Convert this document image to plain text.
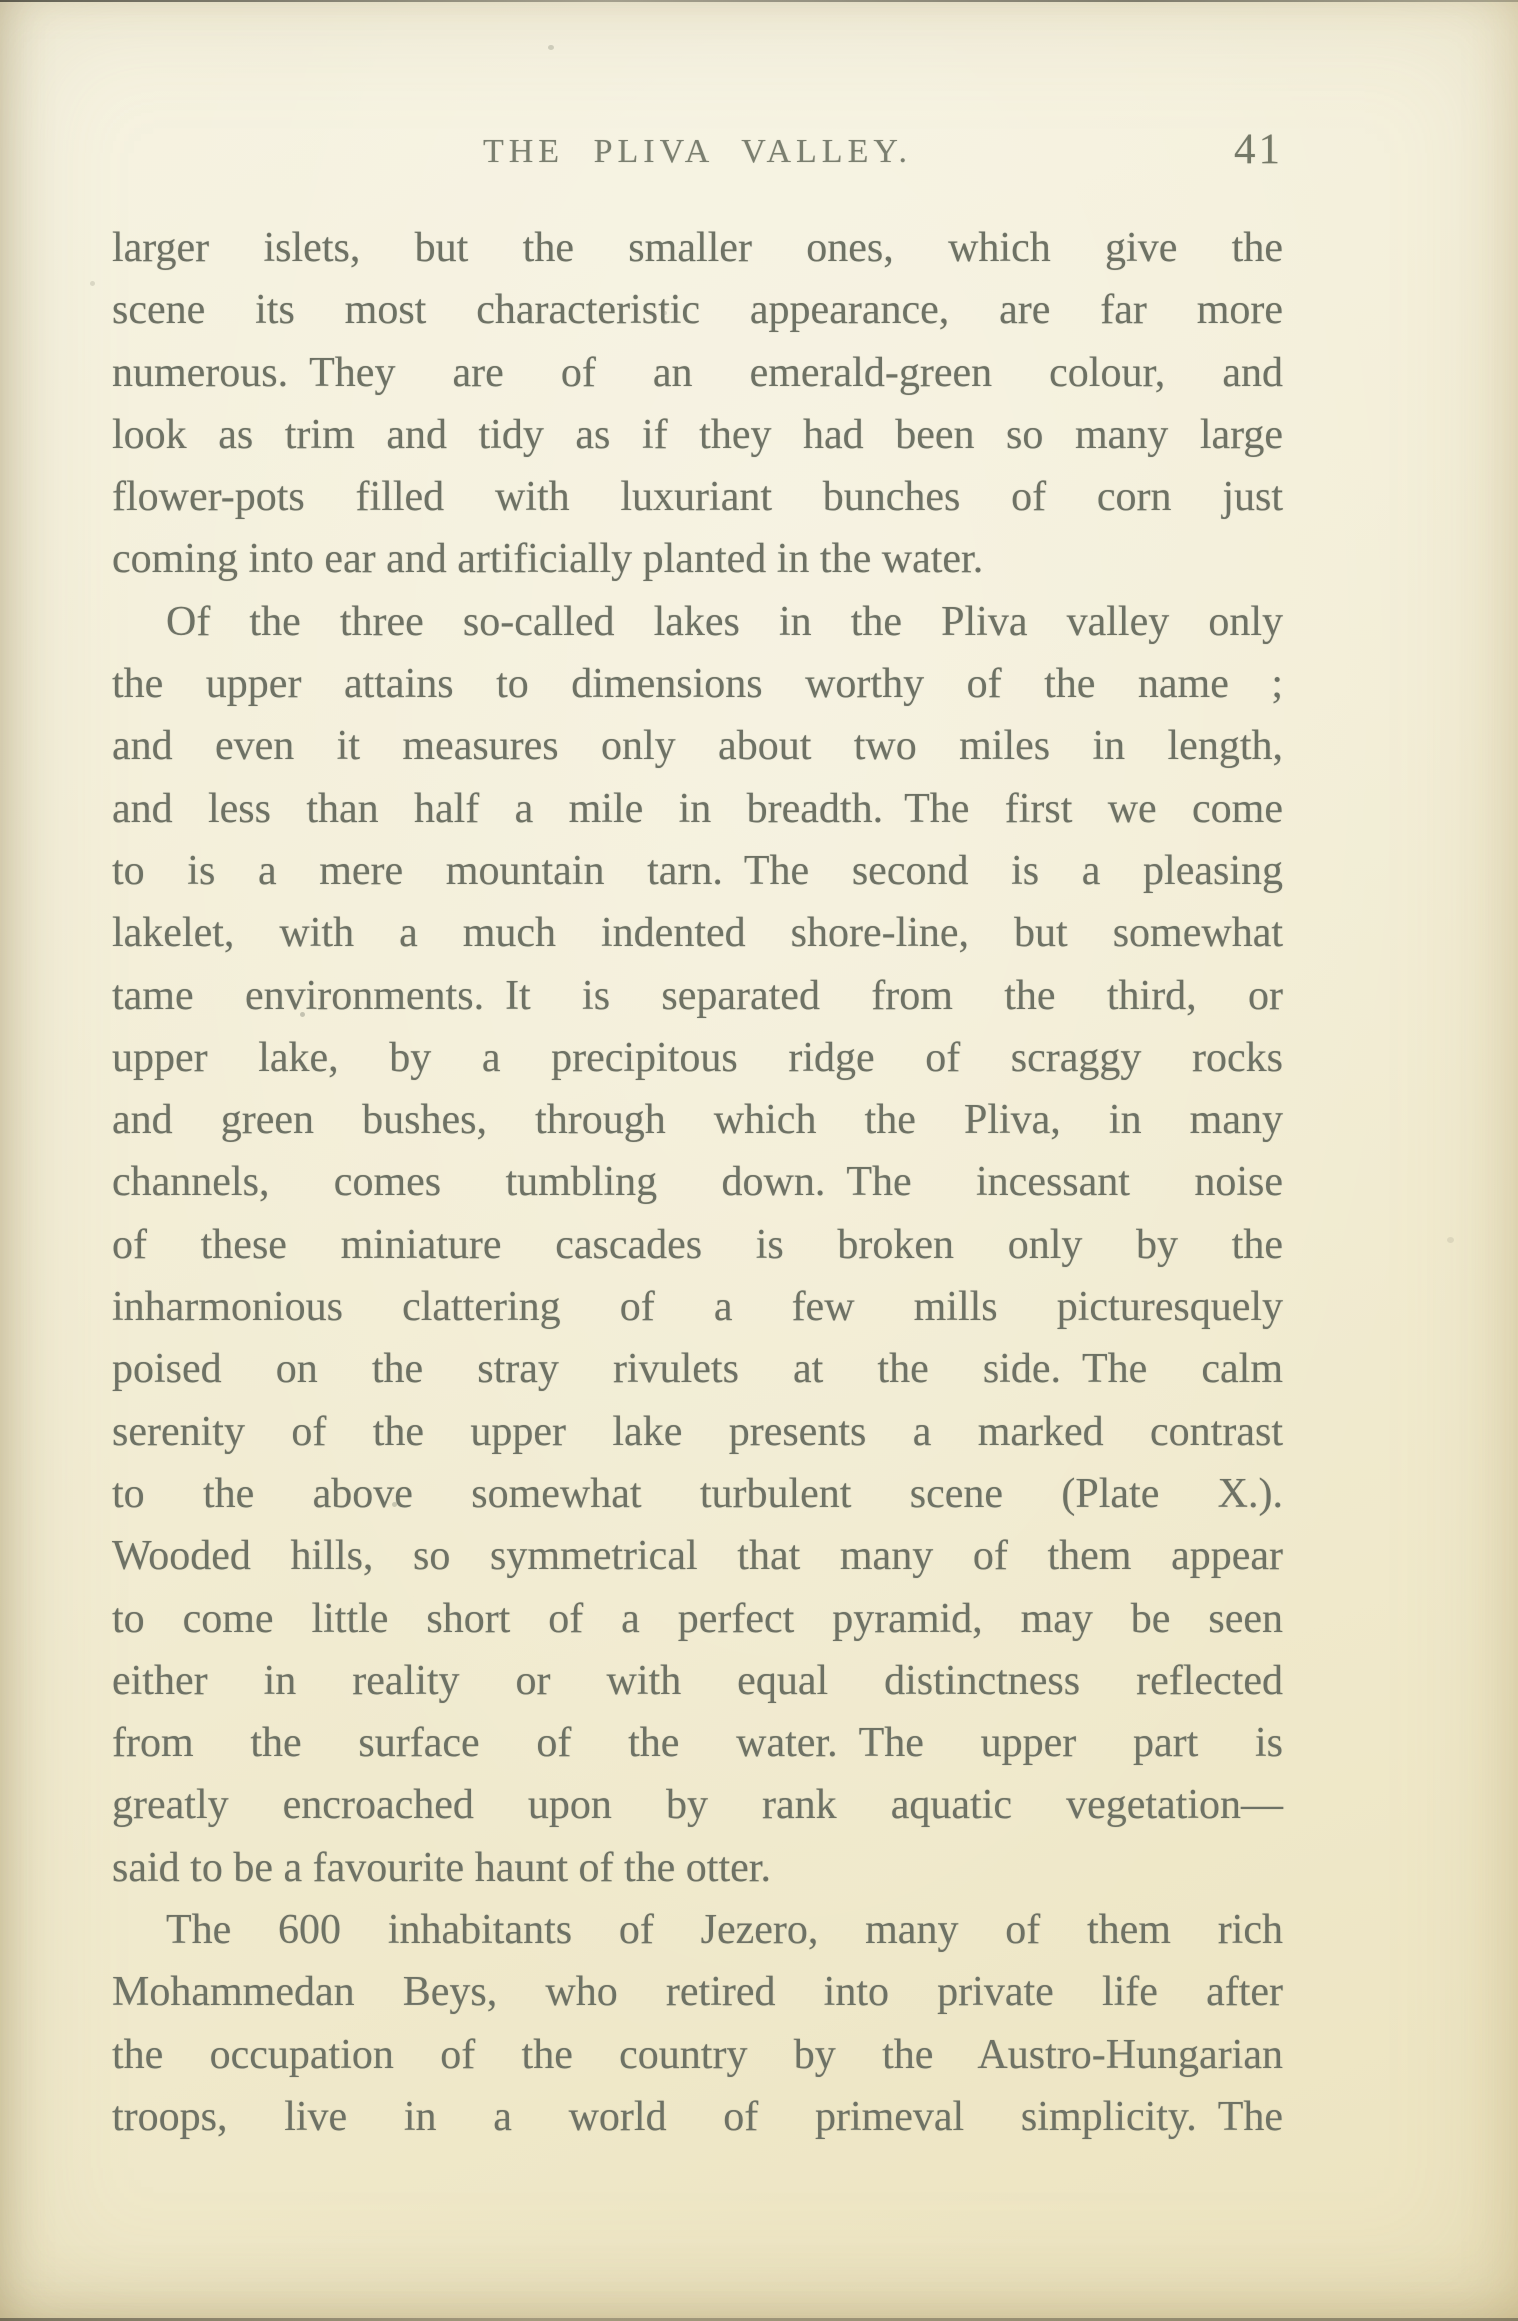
THE PLIVA VALLEY.	41
larger islets, but the smaller ones, which give the
scene its most characteristic appearance, are far more
numerous. They are of an emerald-green colour, and
look as trim and tidy as if they had been so many large
flower-pots filled with luxuriant bunches of corn just
coming into ear and artificially planted in the water.
Of the three so-called lakes in the Pliva valley only
the upper attains to dimensions worthy of the name ;
and even it measures only about two miles in length,
and less than half a mile in breadth. The first we come
to is a mere mountain tarn. The second is a pleasing
lakelet, with a much indented shore-line, but somewhat
tame environments. It is separated from the third, or
upper lake, by a precipitous ridge of scraggy rocks
and green bushes, through which the Pliva, in many
channels, comes tumbling down. The incessant noise
of these miniature cascades is broken only by the
inharmonious clattering of a few mills picturesquely
poised on the stray rivulets at the side. The calm
serenity of the upper lake presents a marked contrast
to the above somewhat turbulent scene (Plate X.).
Wooded hills, so symmetrical that many of them appear
to come little short of a perfect pyramid, may be seen
either in reality or with equal distinctness reflected
from the surface of the water. The upper part is
greatly encroached upon by rank aquatic vegetation—
said to be a favourite haunt of the otter.
The 600 inhabitants of Jezero, many of them rich
Mohammedan Beys, who retired into private life after
the occupation of the country by the Austro-Hungarian
troops, live in a world of primeval simplicity. The
